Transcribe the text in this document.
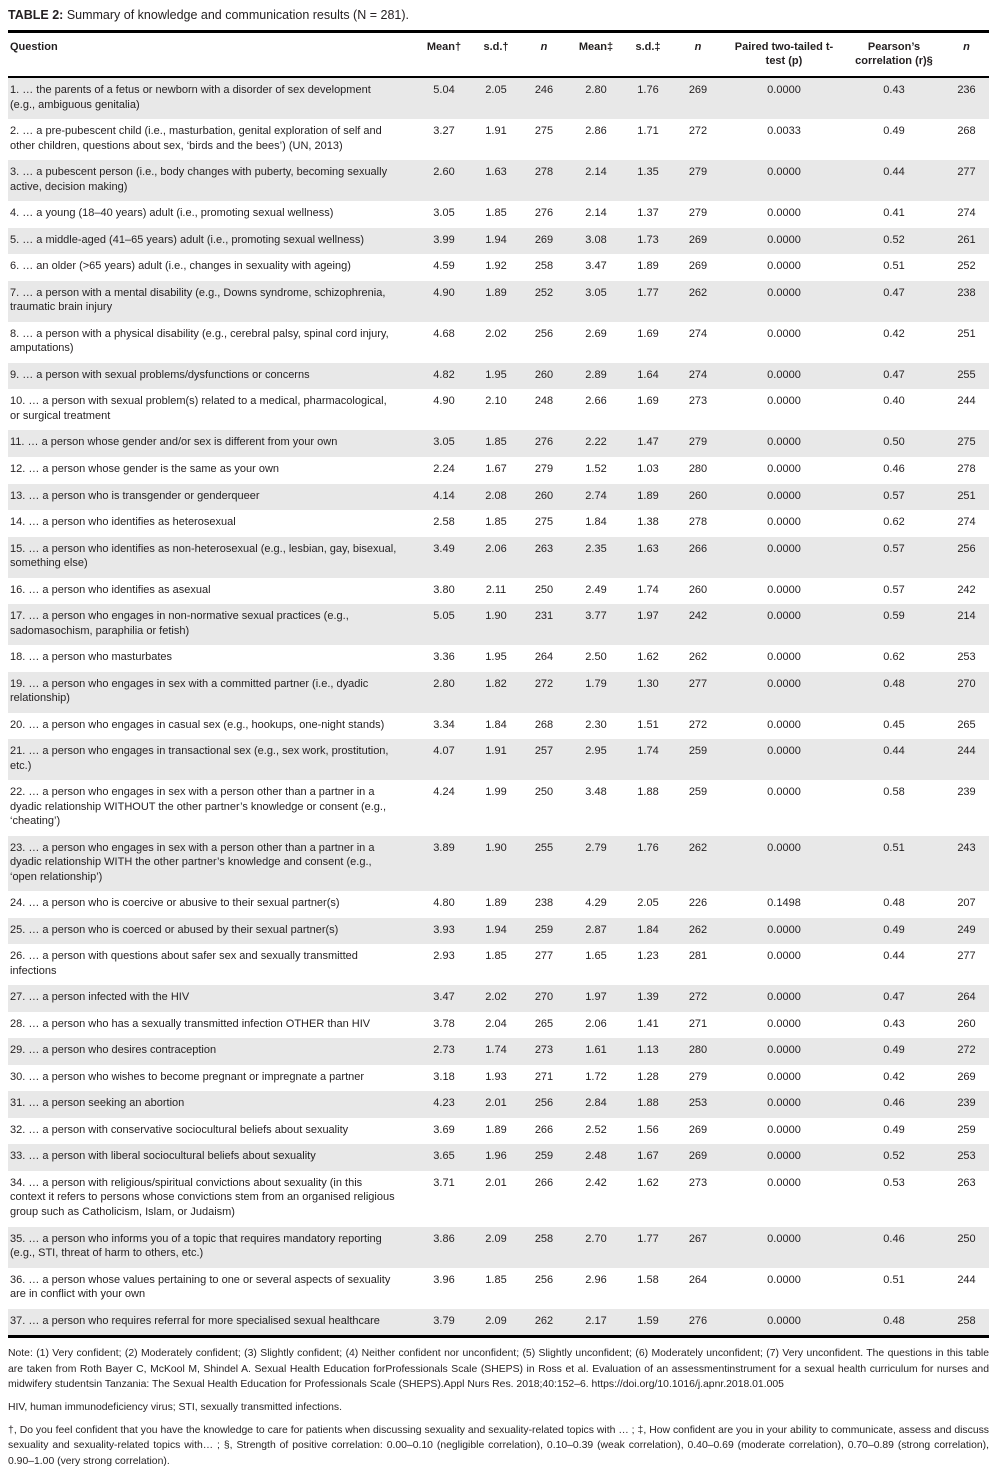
TABLE 2: Summary of knowledge and communication results (N = 281).
Question	Mean†	s.d.†	n	Mean‡	s.d.‡	n	Paired two-tailed t-test (p)	Pearson’s correlation (r)§	n
1. … the parents of a fetus or newborn with a disorder of sex development (e.g., ambiguous genitalia)	5.04	2.05	246	2.80	1.76	269	0.0000	0.43	236
2. … a pre-pubescent child (i.e., masturbation, genital exploration of self and other children, questions about sex, ‘birds and the bees’) (UN, 2013)	3.27	1.91	275	2.86	1.71	272	0.0033	0.49	268
3. … a pubescent person (i.e., body changes with puberty, becoming sexually active, decision making)	2.60	1.63	278	2.14	1.35	279	0.0000	0.44	277
4. … a young (18–40 years) adult (i.e., promoting sexual wellness)	3.05	1.85	276	2.14	1.37	279	0.0000	0.41	274
5. … a middle-aged (41–65 years) adult (i.e., promoting sexual wellness)	3.99	1.94	269	3.08	1.73	269	0.0000	0.52	261
6. … an older (>65 years) adult (i.e., changes in sexuality with ageing)	4.59	1.92	258	3.47	1.89	269	0.0000	0.51	252
7. … a person with a mental disability (e.g., Downs syndrome, schizophrenia, traumatic brain injury	4.90	1.89	252	3.05	1.77	262	0.0000	0.47	238
8. … a person with a physical disability (e.g., cerebral palsy, spinal cord injury, amputations)	4.68	2.02	256	2.69	1.69	274	0.0000	0.42	251
9. … a person with sexual problems/dysfunctions or concerns	4.82	1.95	260	2.89	1.64	274	0.0000	0.47	255
10. … a person with sexual problem(s) related to a medical, pharmacological, or surgical treatment	4.90	2.10	248	2.66	1.69	273	0.0000	0.40	244
11. … a person whose gender and/or sex is different from your own	3.05	1.85	276	2.22	1.47	279	0.0000	0.50	275
12. … a person whose gender is the same as your own	2.24	1.67	279	1.52	1.03	280	0.0000	0.46	278
13. … a person who is transgender or genderqueer	4.14	2.08	260	2.74	1.89	260	0.0000	0.57	251
14. … a person who identifies as heterosexual	2.58	1.85	275	1.84	1.38	278	0.0000	0.62	274
15. … a person who identifies as non-heterosexual (e.g., lesbian, gay, bisexual, something else)	3.49	2.06	263	2.35	1.63	266	0.0000	0.57	256
16. … a person who identifies as asexual	3.80	2.11	250	2.49	1.74	260	0.0000	0.57	242
17. … a person who engages in non-normative sexual practices (e.g., sadomasochism, paraphilia or fetish)	5.05	1.90	231	3.77	1.97	242	0.0000	0.59	214
18. … a person who masturbates	3.36	1.95	264	2.50	1.62	262	0.0000	0.62	253
19. … a person who engages in sex with a committed partner (i.e., dyadic relationship)	2.80	1.82	272	1.79	1.30	277	0.0000	0.48	270
20. … a person who engages in casual sex (e.g., hookups, one-night stands)	3.34	1.84	268	2.30	1.51	272	0.0000	0.45	265
21. … a person who engages in transactional sex (e.g., sex work, prostitution, etc.)	4.07	1.91	257	2.95	1.74	259	0.0000	0.44	244
22. … a person who engages in sex with a person other than a partner in a dyadic relationship WITHOUT the other partner’s knowledge or consent (e.g., ‘cheating’)	4.24	1.99	250	3.48	1.88	259	0.0000	0.58	239
23. … a person who engages in sex with a person other than a partner in a dyadic relationship WITH the other partner’s knowledge and consent (e.g., ‘open relationship’)	3.89	1.90	255	2.79	1.76	262	0.0000	0.51	243
24. … a person who is coercive or abusive to their sexual partner(s)	4.80	1.89	238	4.29	2.05	226	0.1498	0.48	207
25. … a person who is coerced or abused by their sexual partner(s)	3.93	1.94	259	2.87	1.84	262	0.0000	0.49	249
26. … a person with questions about safer sex and sexually transmitted infections	2.93	1.85	277	1.65	1.23	281	0.0000	0.44	277
27. … a person infected with the HIV	3.47	2.02	270	1.97	1.39	272	0.0000	0.47	264
28. … a person who has a sexually transmitted infection OTHER than HIV	3.78	2.04	265	2.06	1.41	271	0.0000	0.43	260
29. … a person who desires contraception	2.73	1.74	273	1.61	1.13	280	0.0000	0.49	272
30. … a person who wishes to become pregnant or impregnate a partner	3.18	1.93	271	1.72	1.28	279	0.0000	0.42	269
31. … a person seeking an abortion	4.23	2.01	256	2.84	1.88	253	0.0000	0.46	239
32. … a person with conservative sociocultural beliefs about sexuality	3.69	1.89	266	2.52	1.56	269	0.0000	0.49	259
33. … a person with liberal sociocultural beliefs about sexuality	3.65	1.96	259	2.48	1.67	269	0.0000	0.52	253
34. … a person with religious/spiritual convictions about sexuality (in this context it refers to persons whose convictions stem from an organised religious group such as Catholicism, Islam, or Judaism)	3.71	2.01	266	2.42	1.62	273	0.0000	0.53	263
35. … a person who informs you of a topic that requires mandatory reporting (e.g., STI, threat of harm to others, etc.)	3.86	2.09	258	2.70	1.77	267	0.0000	0.46	250
36. … a person whose values pertaining to one or several aspects of sexuality are in conflict with your own	3.96	1.85	256	2.96	1.58	264	0.0000	0.51	244
37. … a person who requires referral for more specialised sexual healthcare	3.79	2.09	262	2.17	1.59	276	0.0000	0.48	258

Note: (1) Very confident; (2) Moderately confident; (3) Slightly confident; (4) Neither confident nor unconfident; (5) Slightly unconfident; (6) Moderately unconfident; (7) Very unconfident. The questions in this table are taken from Roth Bayer C, McKool M, Shindel A. Sexual Health Education forProfessionals Scale (SHEPS) in Ross et al. Evaluation of an assessmentinstrument for a sexual health curriculum for nurses and midwifery studentsin Tanzania: The Sexual Health Education for Professionals Scale (SHEPS).Appl Nurs Res. 2018;40:152–6. https://doi.org/10.1016/j.apnr.2018.01.005

HIV, human immunodeficiency virus; STI, sexually transmitted infections.

†, Do you feel confident that you have the knowledge to care for patients when discussing sexuality and sexuality-related topics with … ; ‡, How confident are you in your ability to communicate, assess and discuss sexuality and sexuality-related topics with… ; §, Strength of positive correlation: 0.00–0.10 (negligible correlation), 0.10–0.39 (weak correlation), 0.40–0.69 (moderate correlation), 0.70–0.89 (strong correlation), 0.90–1.00 (very strong correlation).
